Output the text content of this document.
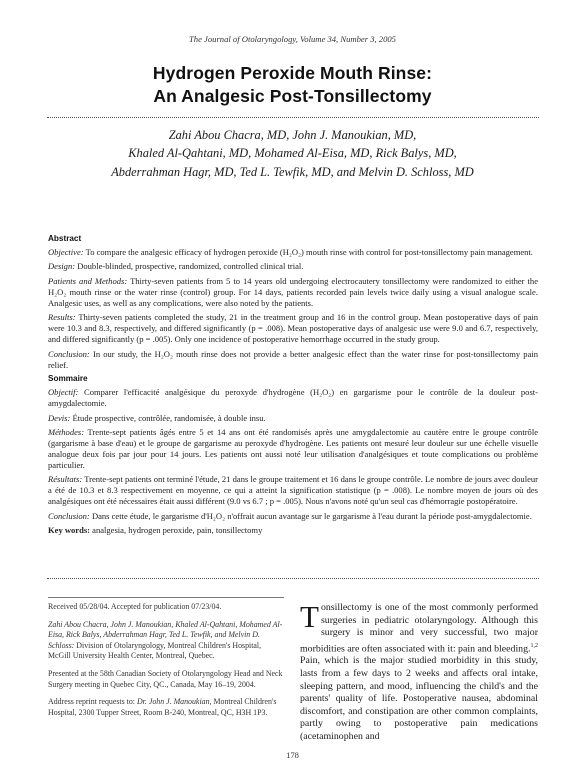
The Journal of Otolaryngology, Volume 34, Number 3, 2005
Hydrogen Peroxide Mouth Rinse:
An Analgesic Post-Tonsillectomy
Zahi Abou Chacra, MD, John J. Manoukian, MD,
Khaled Al-Qahtani, MD, Mohamed Al-Eisa, MD, Rick Balys, MD,
Abderrahman Hagr, MD, Ted L. Tewfik, MD, and Melvin D. Schloss, MD
Abstract

Objective: To compare the analgesic efficacy of hydrogen peroxide (H₂O₂) mouth rinse with control for post-tonsillectomy pain management.

Design: Double-blinded, prospective, randomized, controlled clinical trial.

Patients and Methods: Thirty-seven patients from 5 to 14 years old undergoing electrocautery tonsillectomy were randomized to either the H₂O₂ mouth rinse or the water rinse (control) group. For 14 days, patients recorded pain levels twice daily using a visual analogue scale. Analgesic uses, as well as any complications, were also noted by the patients.

Results: Thirty-seven patients completed the study, 21 in the treatment group and 16 in the control group. Mean postoperative days of pain were 10.3 and 8.3, respectively, and differed significantly (p = .008). Mean postoperative days of analgesic use were 9.0 and 6.7, respectively, and differed significantly (p = .005). Only one incidence of postoperative hemorrhage occurred in the study group.

Conclusion: In our study, the H₂O₂ mouth rinse does not provide a better analgesic effect than the water rinse for post-tonsillectomy pain relief.

Sommaire

Objectif: Comparer l'efficacité analgésique du peroxyde d'hydrogène (H₂O₂) en gargarisme pour le contrôle de la douleur post-amygdalectomie.

Devis: Étude prospective, contrôlée, randomisée, à double insu.

Méthodes: Trente-sept patients âgés entre 5 et 14 ans ont été randomisés après une amygdalectomie au cautère entre le groupe contrôle (gargarisme à base d'eau) et le groupe de gargarisme au peroxyde d'hydrogène. Les patients ont mesuré leur douleur sur une échelle visuelle analogue deux fois par jour pour 14 jours. Les patients ont aussi noté leur utilisation d'analgésiques et toute complications ou problème particulier.

Résultats: Trente-sept patients ont terminé l'étude, 21 dans le groupe traitement et 16 dans le groupe contrôle. Le nombre de jours avec douleur a été de 10.3 et 8.3 respectivement en moyenne, ce qui a atteint la signification statistique (p = .008). Le nombre moyen de jours où des analgésiques ont été nécessaires était aussi différent (9.0 vs 6.7 ; p = .005). Nous n'avons noté qu'un seul cas d'hémorragie postopératoire.

Conclusion: Dans cette étude, le gargarisme d'H₂O₂ n'offrait aucun avantage sur le gargarisme à l'eau durant la période post-amygdalectomie.

Key words: analgesia, hydrogen peroxide, pain, tonsillectomy

Received 05/28/04. Accepted for publication 07/23/04.

Zahi Abou Chacra, John J. Manoukian, Khaled Al-Qahtani, Mohamed Al-Eisa, Rick Balys, Abderrahman Hagr, Ted L. Tewfik, and Melvin D. Schloss: Division of Otolaryngology, Montreal Children's Hospital, McGill University Health Center, Montreal, Quebec.

Presented at the 58th Canadian Society of Otolaryngology Head and Neck Surgery meeting in Quebec City, QC., Canada, May 16–19, 2004.

Address reprint requests to: Dr. John J. Manoukian, Montreal Children's Hospital, 2300 Tupper Street, Room B-240, Montreal, QC, H3H 1P3.

Tonsillectomy is one of the most commonly performed surgeries in pediatric otolaryngology. Although this surgery is minor and very successful, two major morbidities are often associated with it: pain and bleeding.$^{1,2}$ Pain, which is the major studied morbidity in this study, lasts from a few days to 2 weeks and affects oral intake, sleeping pattern, and mood, influencing the child's and the parents' quality of life. Postoperative nausea, abdominal discomfort, and constipation are other common complaints, partly owing to postoperative pain medications (acetaminophen and
178
